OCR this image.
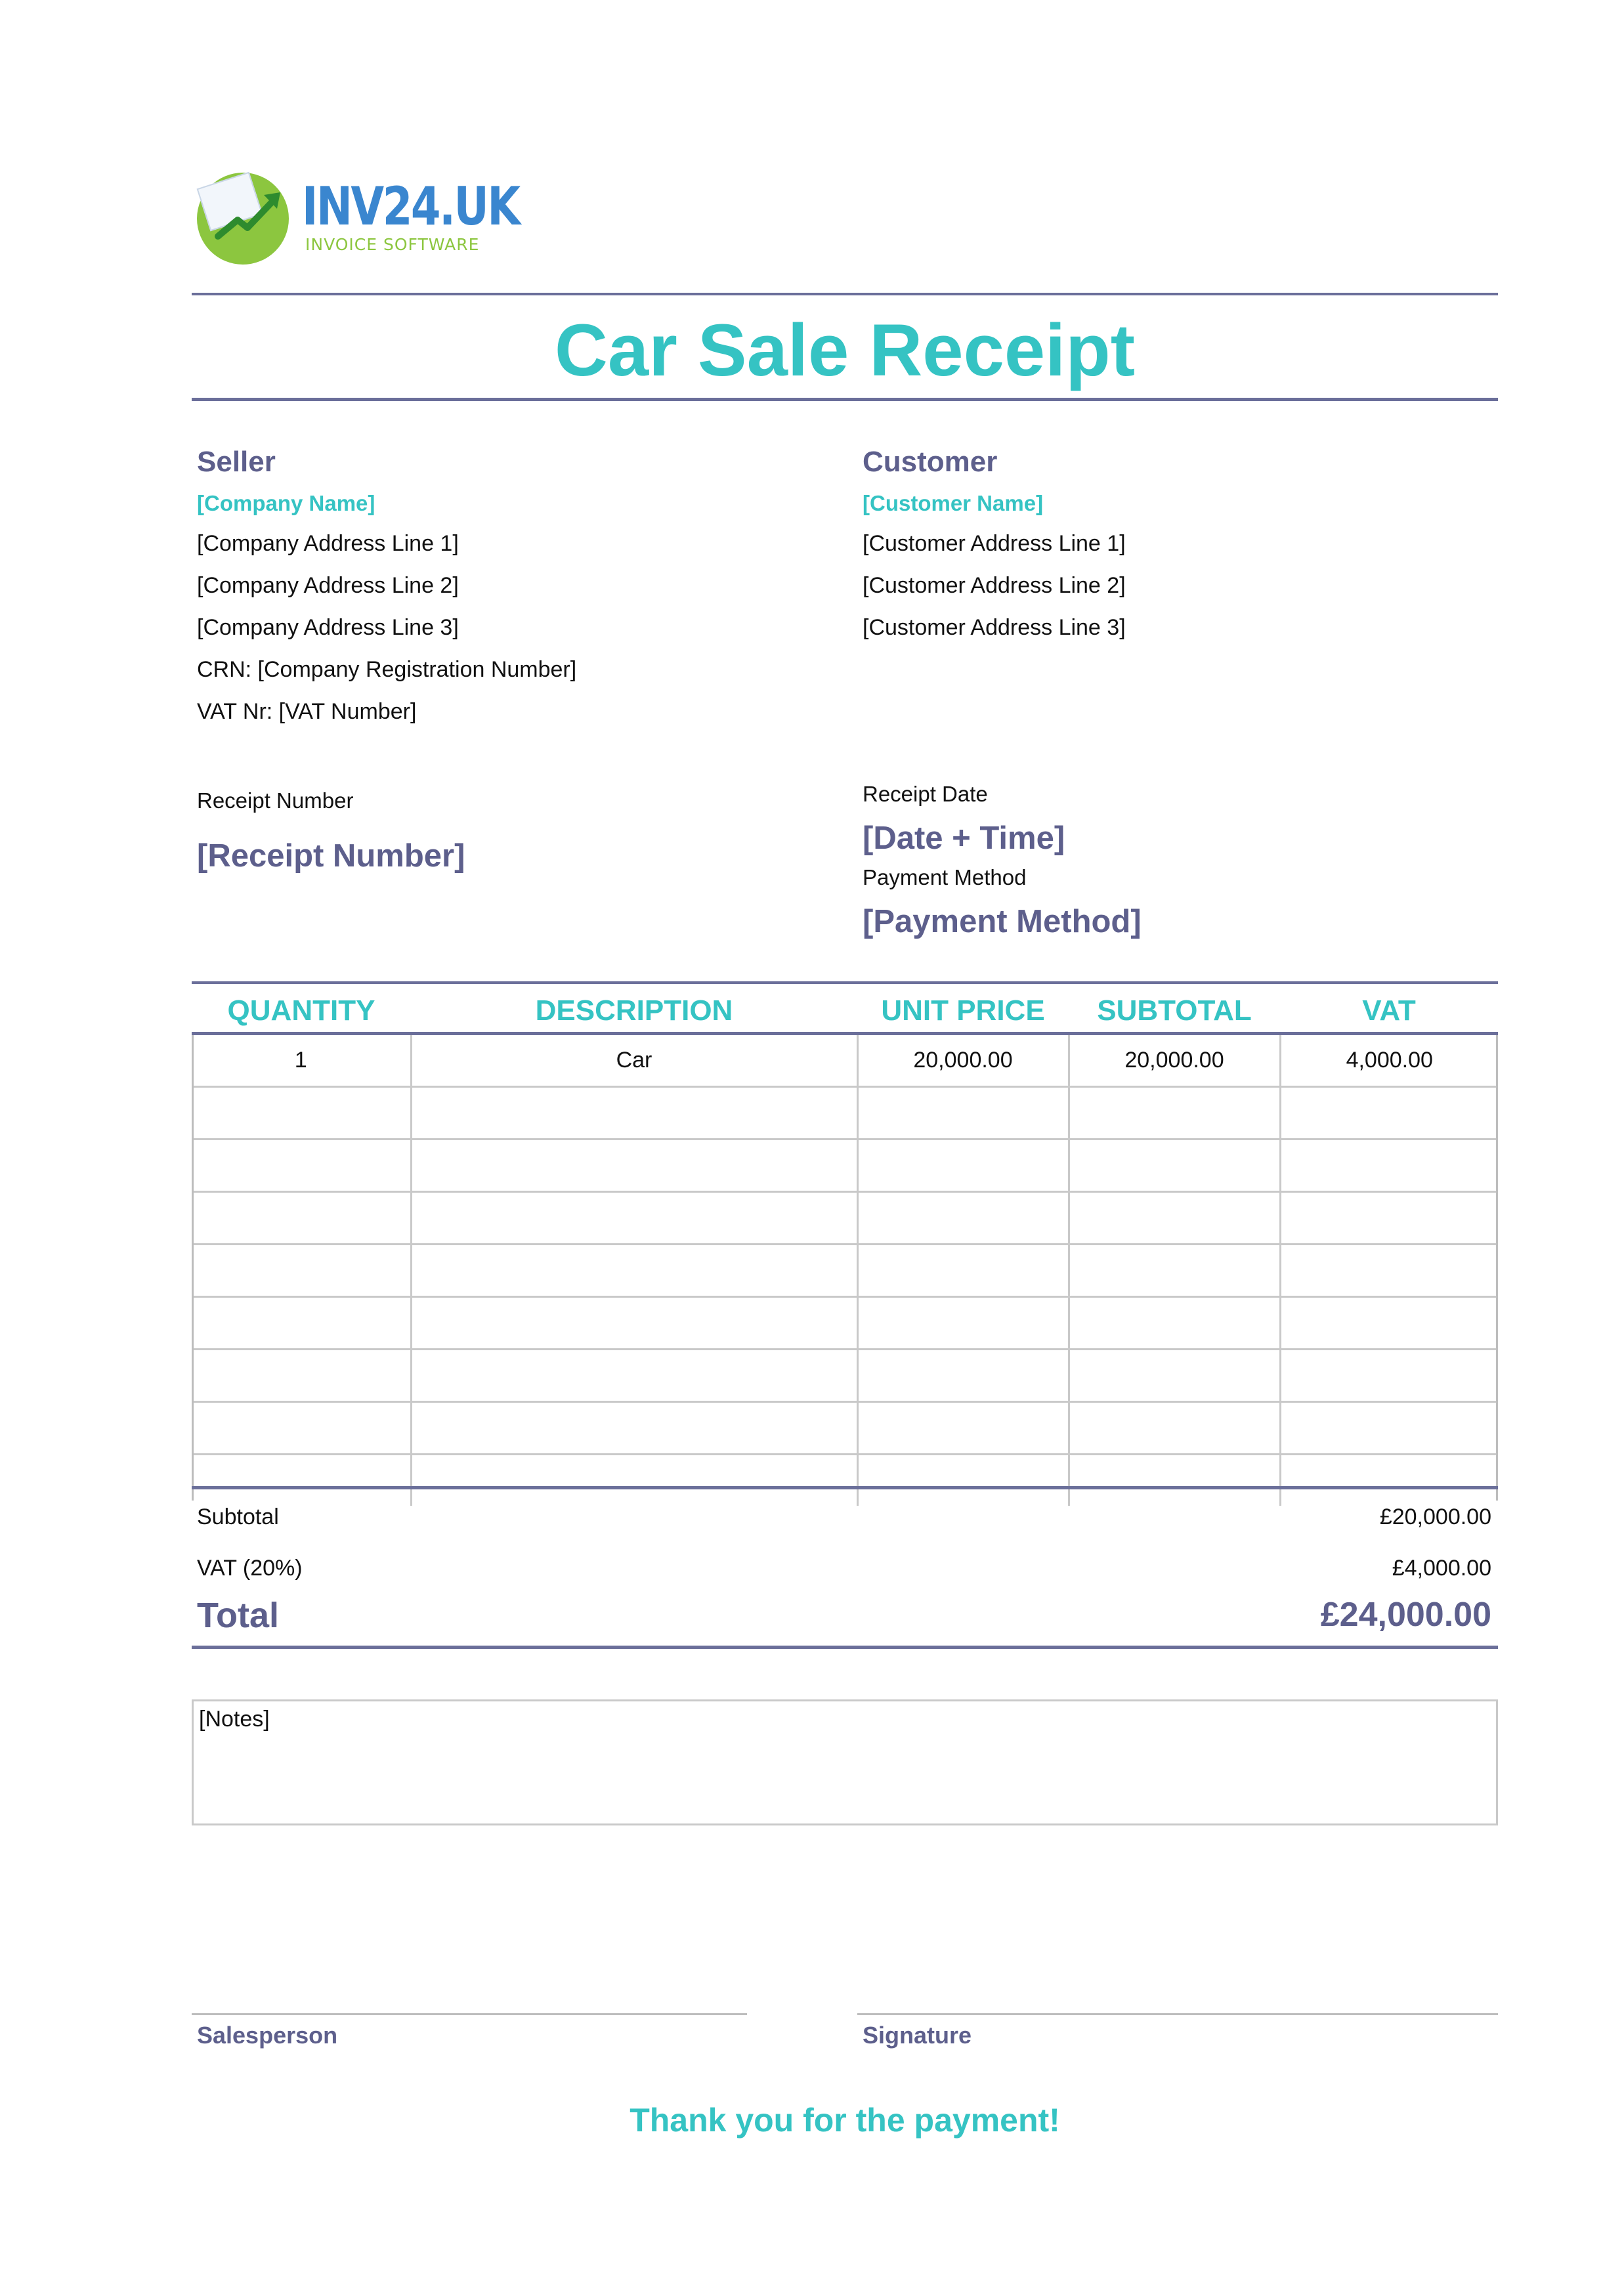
INV24.UK
INVOICE SOFTWARE
Car Sale Receipt
Seller
[Company Name]
[Company Address Line 1]
[Company Address Line 2]
[Company Address Line 3]
CRN: [Company Registration Number]
VAT Nr: [VAT Number]
Customer
[Customer Name]
[Customer Address Line 1]
[Customer Address Line 2]
[Customer Address Line 3]
Receipt Number
[Receipt Number]
Receipt Date
[Date + Time]
Payment Method
[Payment Method]
QUANTITY	DESCRIPTION	UNIT PRICE	SUBTOTAL	VAT
1	Car	20,000.00	20,000.00	4,000.00

Subtotal	£20,000.00
VAT (20%)	£4,000.00
Total	£24,000.00
[Notes]
Salesperson	Signature
Thank you for the payment!
